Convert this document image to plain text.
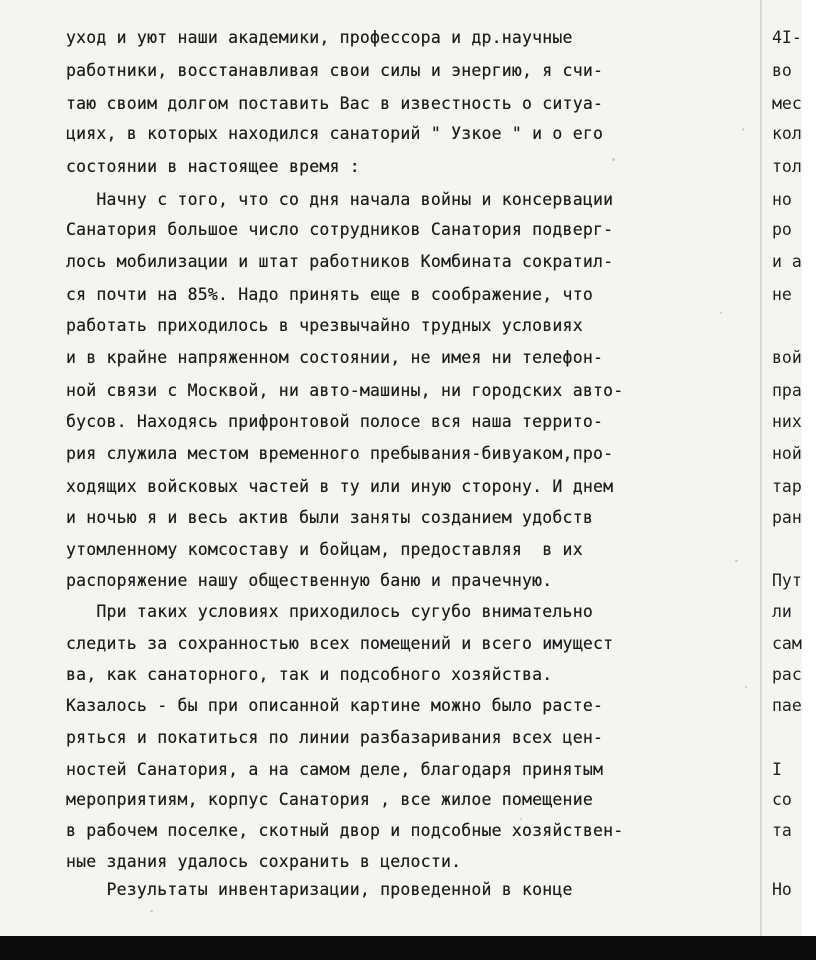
уход и уют наши академики, профессора и др.научные
работники, восстанавливая свои силы и энергию, я счи-
таю своим долгом поставить Вас в известность о ситуа-
циях, в которых находился санаторий " Узкое " и о его
состоянии в настоящее время :
Начну с того, что со дня начала войны и консервации
Санатория большое число сотрудников Санатория подверг-
лось мобилизации и штат работников Комбината сократил-
ся почти на 85%. Надо принять еще в соображение, что
работать приходилось в чрезвычайно трудных условиях
и в крайне напряженном состоянии, не имея ни телефон-
ной связи с Москвой, ни авто-машины, ни городских авто-
бусов. Находясь прифронтовой полосе вся наша террито-
рия служила местом временного пребывания-бивуаком,про-
ходящих войсковых частей в ту или иную сторону. И днем
и ночью я и весь актив были заняты созданием удобств
утомленному комсоставу и бойцам, предоставляя  в их
распоряжение нашу общественную баню и прачечную.
При таких условиях приходилось сугубо внимательно
следить за сохранностью всех помещений и всего имущест
ва, как санаторного, так и подсобного хозяйства.
Казалось - бы при описанной картине можно было расте-
ряться и покатиться по линии разбазаривания всех цен-
ностей Санатория, а на самом деле, благодаря принятым
мероприятиям, корпус Санатория , все жилое помещение
в рабочем поселке, скотный двор и подсобные хозяйствен-
ные здания удалось сохранить в целости.
Результаты инвентаризации, проведенной в конце
4I-
во
мес
кол
тол
но
ро
и а
не
вой
пра
них
ной
тар
ран
Пут
ли
сам
рас
пае
I
со
та
Но
